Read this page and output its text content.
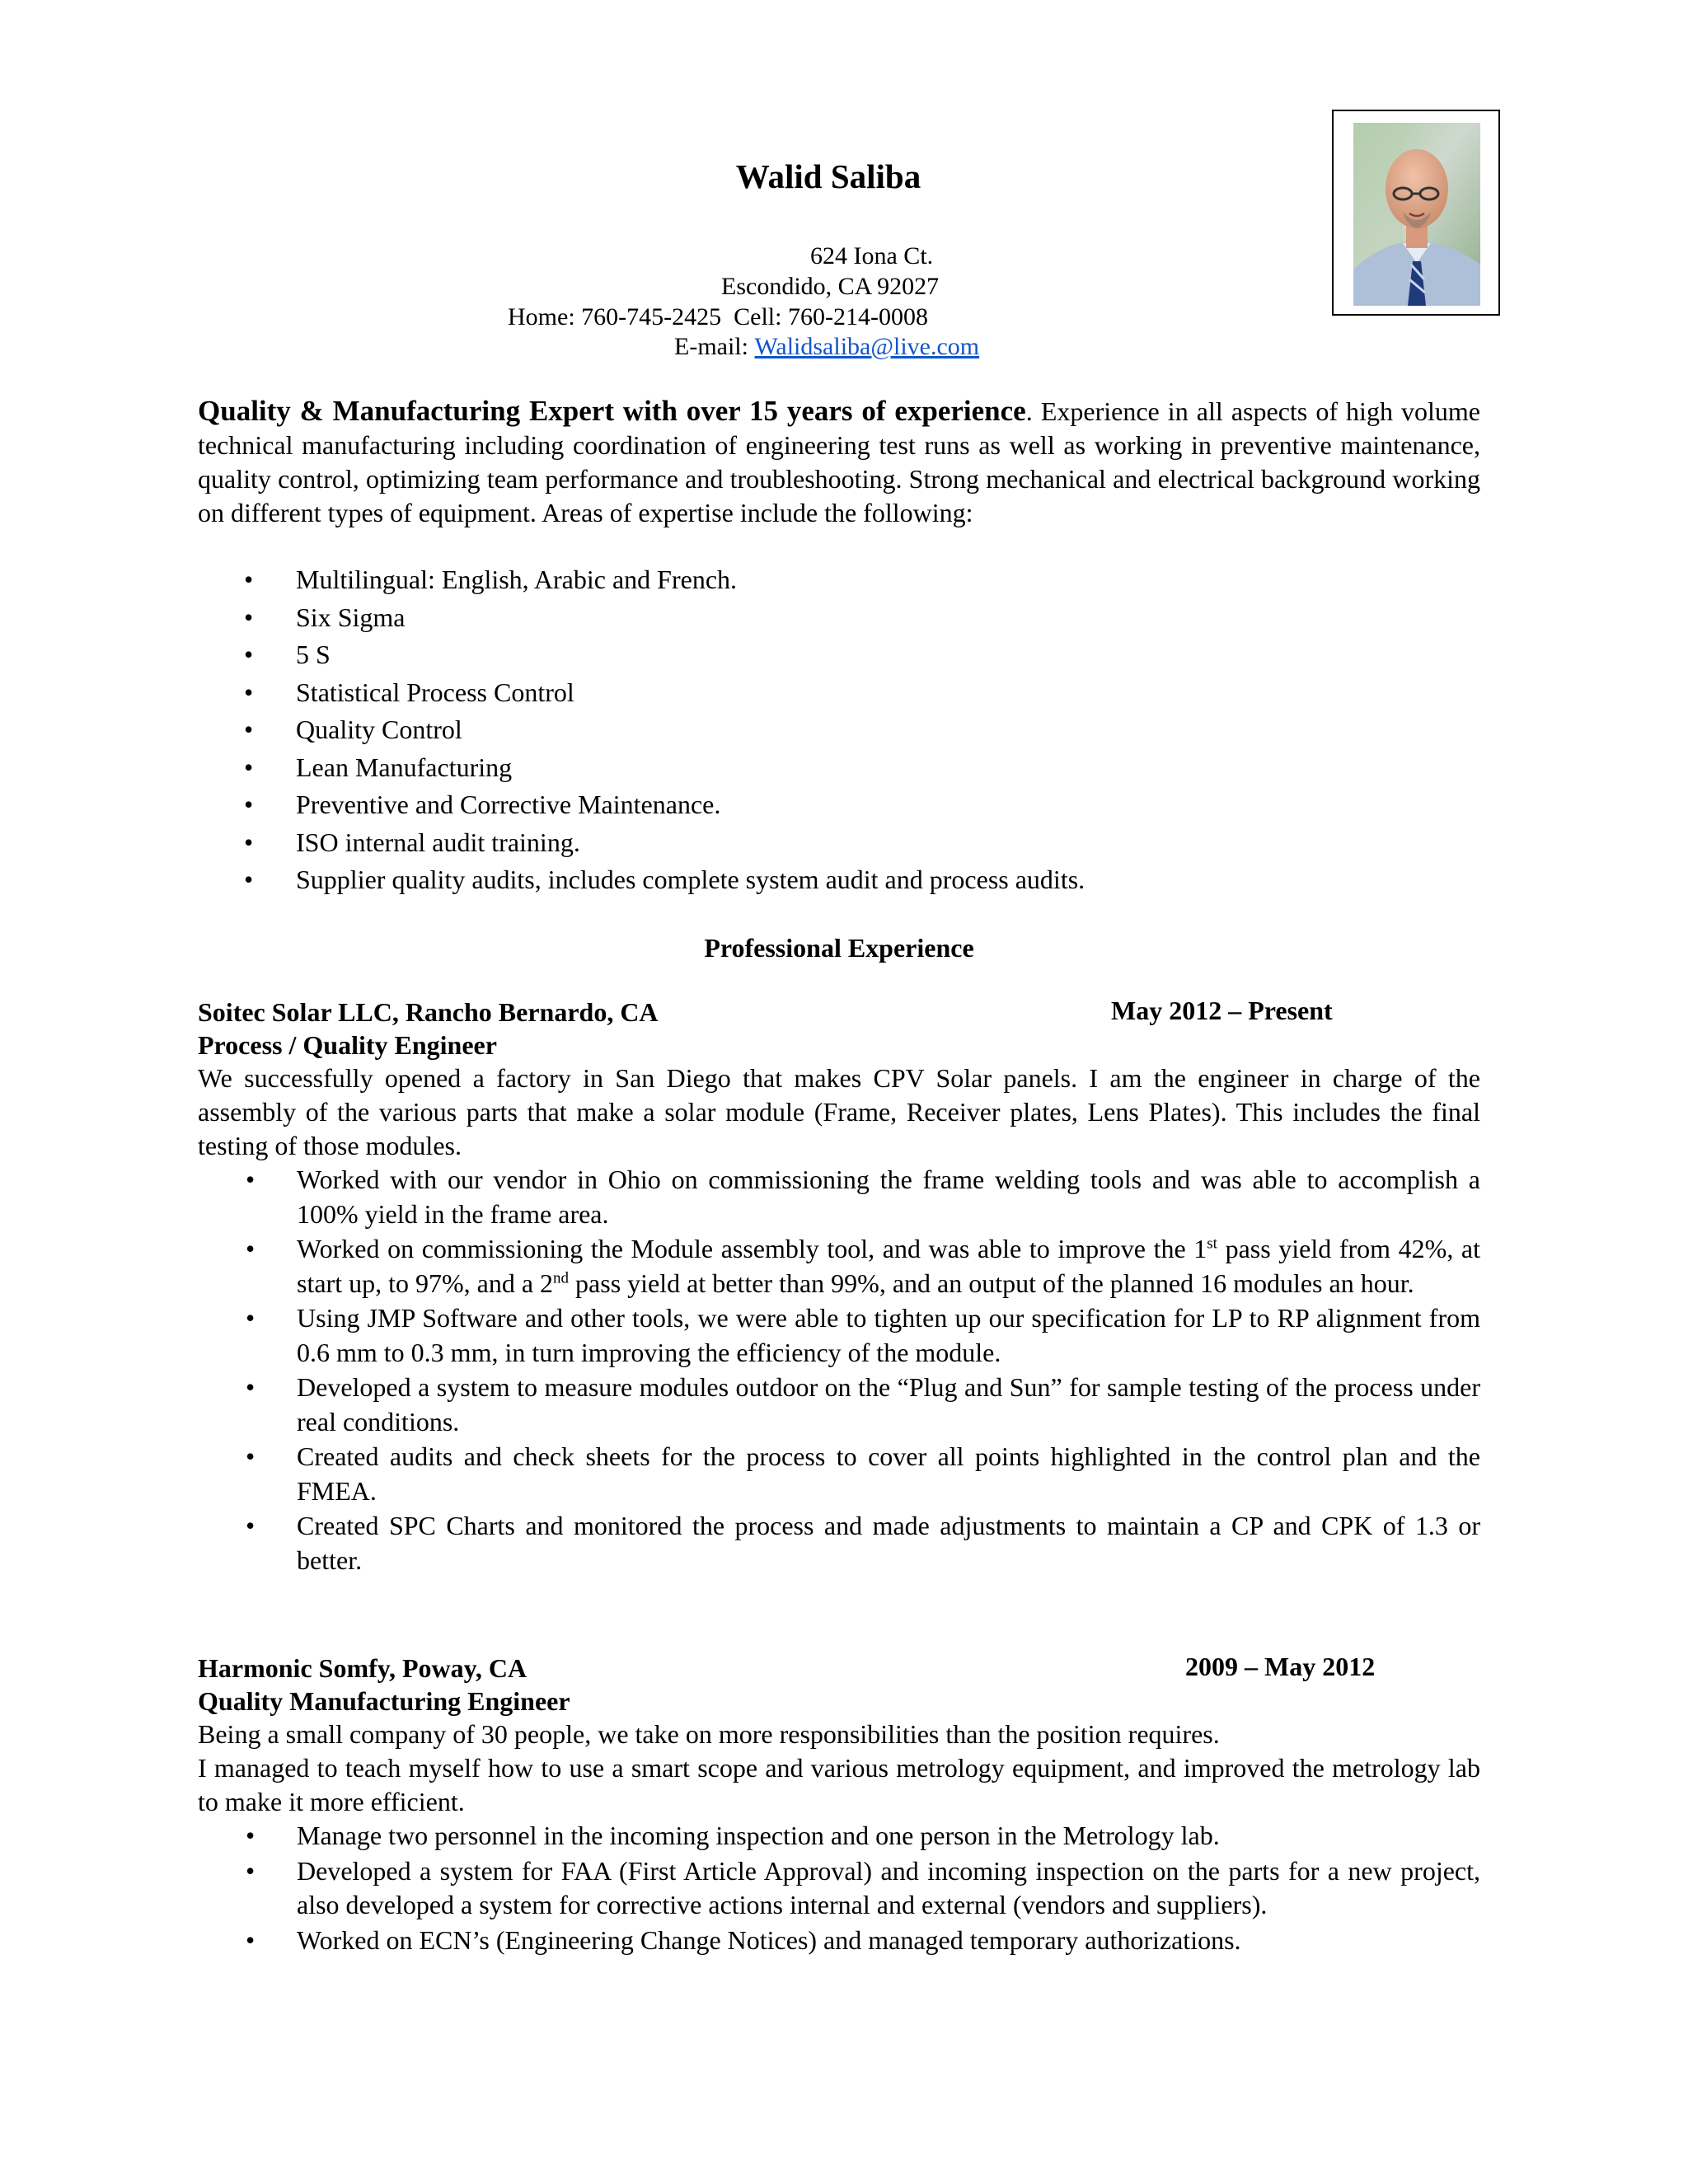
Walid Saliba
624 Iona Ct.
Escondido, CA 92027
Home: 760-745-2425  Cell: 760-214-0008
E-mail: Walidsaliba@live.com

Quality & Manufacturing Expert with over 15 years of experience. Experience in all aspects of high volume technical manufacturing including coordination of engineering test runs as well as working in preventive maintenance, quality control, optimizing team performance and troubleshooting. Strong mechanical and electrical background working on different types of equipment. Areas of expertise include the following:

• Multilingual: English, Arabic and French.
• Six Sigma
• 5 S
• Statistical Process Control
• Quality Control
• Lean Manufacturing
• Preventive and Corrective Maintenance.
• ISO internal audit training.
• Supplier quality audits, includes complete system audit and process audits.
Professional Experience
Soitec Solar LLC, Rancho Bernardo, CA	May 2012 – Present
Process / Quality Engineer

We successfully opened a factory in San Diego that makes CPV Solar panels. I am the engineer in charge of the assembly of the various parts that make a solar module (Frame, Receiver plates, Lens Plates). This includes the final testing of those modules.

• Worked with our vendor in Ohio on commissioning the frame welding tools and was able to accomplish a 100% yield in the frame area.
• Worked on commissioning the Module assembly tool, and was able to improve the 1st pass yield from 42%, at start up, to 97%, and a 2nd pass yield at better than 99%, and an output of the planned 16 modules an hour.
• Using JMP Software and other tools, we were able to tighten up our specification for LP to RP alignment from 0.6 mm to 0.3 mm, in turn improving the efficiency of the module.
• Developed a system to measure modules outdoor on the “Plug and Sun” for sample testing of the process under real conditions.
• Created audits and check sheets for the process to cover all points highlighted in the control plan and the FMEA.
• Created SPC Charts and monitored the process and made adjustments to maintain a CP and CPK of 1.3 or better.
Harmonic Somfy, Poway, CA	2009 – May 2012
Quality Manufacturing Engineer

Being a small company of 30 people, we take on more responsibilities than the position requires.

I managed to teach myself how to use a smart scope and various metrology equipment, and improved the metrology lab to make it more efficient.

• Manage two personnel in the incoming inspection and one person in the Metrology lab.
• Developed a system for FAA (First Article Approval) and incoming inspection on the parts for a new project, also developed a system for corrective actions internal and external (vendors and suppliers).
• Worked on ECN’s (Engineering Change Notices) and managed temporary authorizations.
